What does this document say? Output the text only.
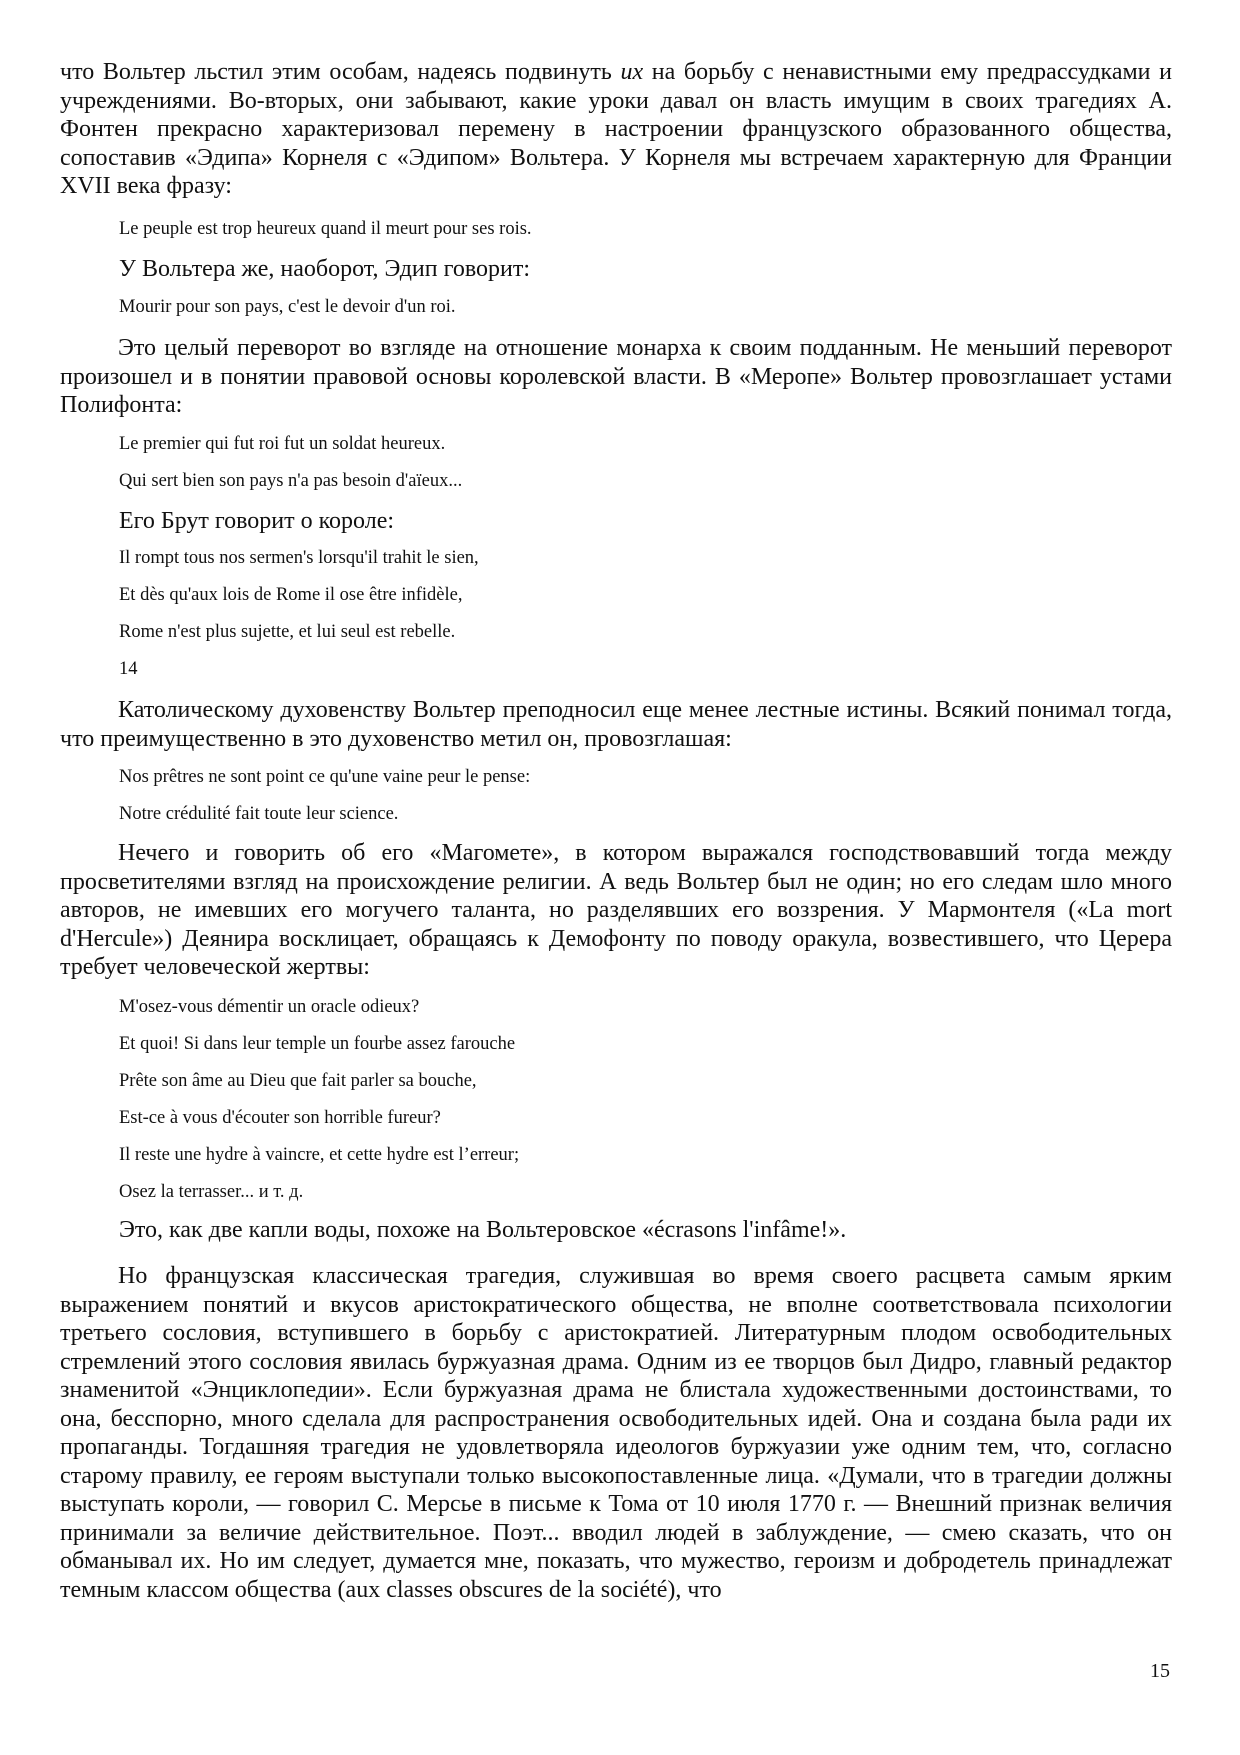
что Вольтер льстил этим особам, надеясь подвинуть их на борьбу с ненавистными ему предрассудками и учреждениями. Во-вторых, они забывают, какие уроки давал он власть имущим в своих трагедиях А. Фонтен прекрасно характеризовал перемену в настроении французского образованного общества, сопоставив «Эдипа» Корнеля с «Эдипом» Вольтера. У Корнеля мы встречаем характерную для Франции XVII века фразу:

Le peuple est trop heureux quand il meurt pour ses rois.

У Вольтера же, наоборот, Эдип говорит:

Mourir pour son pays, c'est le devoir d'un roi.

Это целый переворот во взгляде на отношение монарха к своим подданным. Не меньший переворот произошел и в понятии правовой основы королевской власти. В «Меропе» Вольтер провозглашает устами Полифонта:

Le premier qui fut roi fut un soldat heureux.

Qui sert bien son pays n'a pas besoin d'aïeux...

Его Брут говорит о короле:

Il rompt tous nos sermen's lorsqu'il trahit le sien,

Et dès qu'aux lois de Rome il ose être infidèle,

Rome n'est plus sujette, et lui seul est rebelle.

14

Католическому духовенству Вольтер преподносил еще менее лестные истины. Всякий понимал тогда, что преимущественно в это духовенство метил он, провозглашая:

Nos prêtres ne sont point ce qu'une vaine peur le pense:

Notre crédulité fait toute leur science.

Нечего и говорить об его «Магомете», в котором выражался господствовавший тогда между просветителями взгляд на происхождение религии. А ведь Вольтер был не один; но его следам шло много авторов, не имевших его могучего таланта, но разделявших его воззрения. У Мармонтеля («La mort d'Hercule») Деянира восклицает, обращаясь к Демофонту по поводу оракула, возвестившего, что Церера требует человеческой жертвы:

M'osez-vous démentir un oracle odieux?

Et quoi! Si dans leur temple un fourbe assez farouche

Prête son âme au Dieu que fait parler sa bouche,

Est-ce à vous d'écouter son horrible fureur?

Il reste une hydre à vaincre, et cette hydre est l’erreur;

Osez la terrasser... и т. д.

Это, как две капли воды, похоже на Вольтеровское «écrasons l'infâme!».

Но французская классическая трагедия, служившая во время своего расцвета самым ярким выражением понятий и вкусов аристократического общества, не вполне соответствовала психологии третьего сословия, вступившего в борьбу с аристократией. Литературным плодом освободительных стремлений этого сословия явилась буржуазная драма. Одним из ее творцов был Дидро, главный редактор знаменитой «Энциклопедии». Если буржуазная драма не блистала художественными достоинствами, то она, бесспорно, много сделала для распространения освободительных идей. Она и создана была ради их пропаганды. Тогдашняя трагедия не удовлетворяла идеологов буржуазии уже одним тем, что, согласно старому правилу, ее героям выступали только высокопоставленные лица. «Думали, что в трагедии должны выступать короли, — говорил С. Мерсье в письме к Тома от 10 июля 1770 г. — Внешний признак величия принимали за величие действительное. Поэт... вводил людей в заблуждение, — смею сказать, что он обманывал их. Но им следует, думается мне, показать, что мужество, героизм и добродетель принадлежат темным классом общества (aux classes obscures de la société), что

15
